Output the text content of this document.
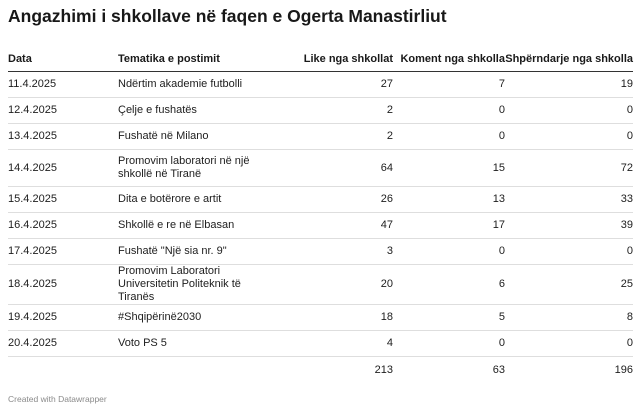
Angazhimi i shkollave në faqen e Ogerta Manastirliut
Data	Tematika e postimit	Like nga shkollat	Koment nga shkolla	Shpërndarje nga shkolla
11.4.2025	Ndërtim akademie futbolli	27	7	19
12.4.2025	Çelje e fushatës	2	0	0
13.4.2025	Fushatë në Milano	2	0	0
14.4.2025	Promovim laboratori në një shkollë në Tiranë	64	15	72
15.4.2025	Dita e botërore e artit	26	13	33
16.4.2025	Shkollë e re në Elbasan	47	17	39
17.4.2025	Fushatë "Një sia nr. 9"	3	0	0
18.4.2025	Promovim Laboratori Universitetin Politeknik të Tiranës	20	6	25
19.4.2025	#Shqipërinë2030	18	5	8
20.4.2025	Voto PS 5	4	0	0
		213	63	196
Created with Datawrapper
